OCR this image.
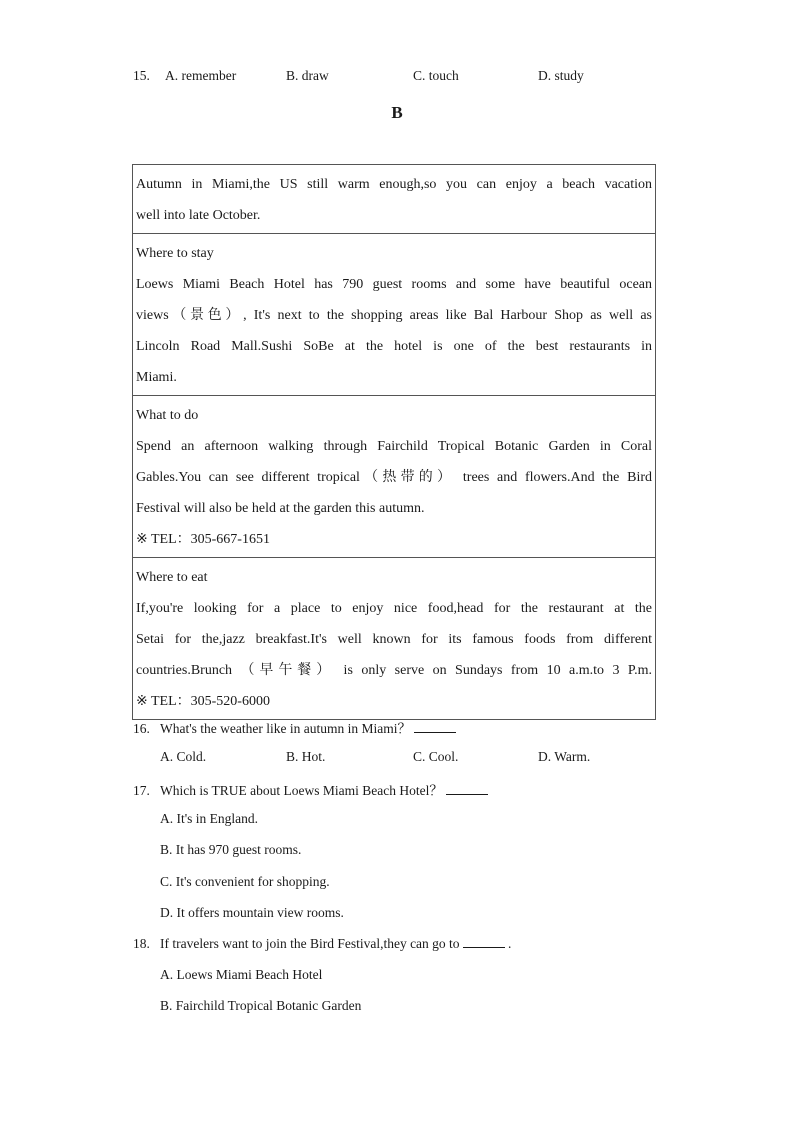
15. A. remember	B. draw	C. touch	D. study
B
Autumn in Miami,the US still warm enough,so you can enjoy a beach vacation
well into late October.
Where to stay
Loews Miami Beach Hotel has 790 guest rooms and some have beautiful ocean
views（景色）, It's next to the shopping areas like Bal Harbour Shop as well as
Lincoln Road Mall.Sushi SoBe at the hotel is one of the best restaurants in
Miami.
What to do
Spend an afternoon walking through Fairchild Tropical Botanic Garden in Coral
Gables.You can see different tropical（热带的） trees and flowers.And the Bird
Festival will also be held at the garden this autumn.
※ TEL：305-667-1651
Where to eat
If,you're looking for a place to enjoy nice food,head for the restaurant at the
Setai for the,jazz breakfast.It's well known for its famous foods from different
countries.Brunch （早午餐） is only serve on Sundays from 10 a.m.to 3 P.m.
※ TEL：305-520-6000
16. What's the weather like in autumn in Miami？
A. Cold.	B. Hot.	C. Cool.	D. Warm.
17. Which is TRUE about Loews Miami Beach Hotel？
A. It's in England.
B. It has 970 guest rooms.
C. It's convenient for shopping.
D. It offers mountain view rooms.
18. If travelers want to join the Bird Festival,they can go to	.
A. Loews Miami Beach Hotel
B. Fairchild Tropical Botanic Garden
